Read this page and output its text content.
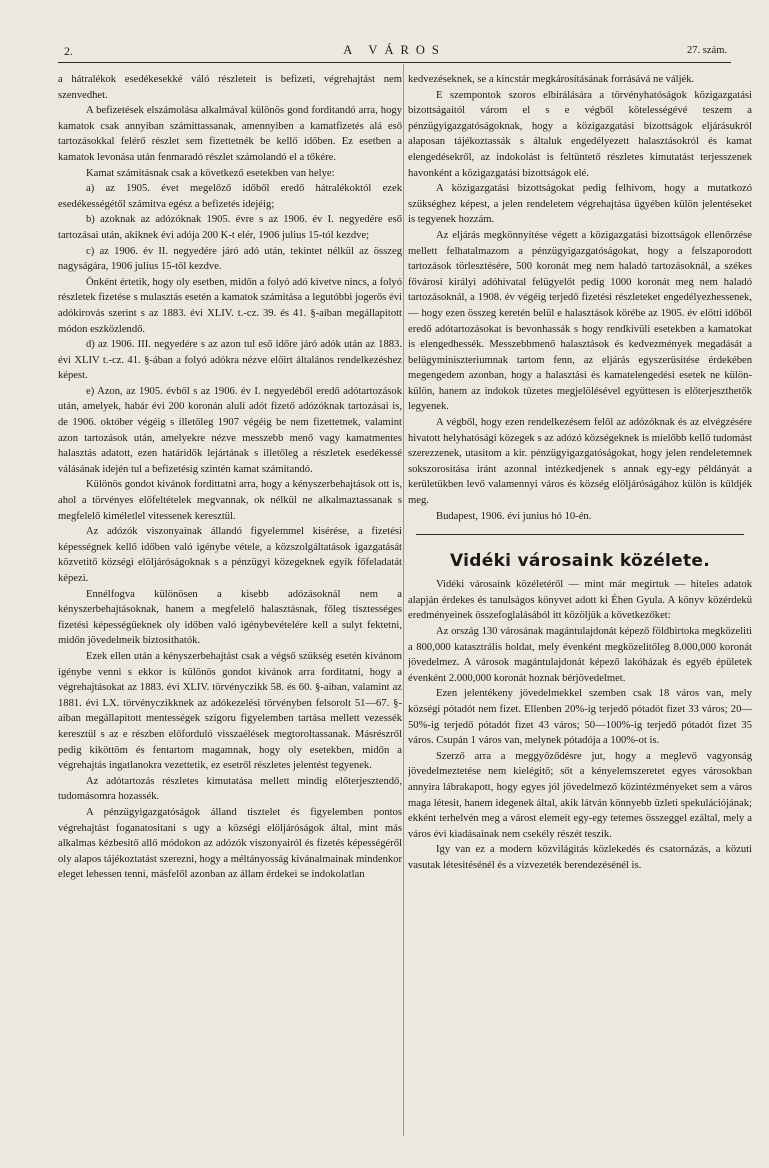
2.	A VÁROS	27. szám.

a hátralékok esedékesekké váló részleteit is befizeti, végrehajtást nem szenvedhet.

A befizetések elszámolása alkalmával különös gond forditandó arra, hogy kamatok csak annyiban számittassanak, amennyiben a kamatfizetés alá eső tartozásokkal felérő részlet sem fizettetnék be kellő időben. Ez esetben a kamatok levonása után fenmaradó részlet számolandó el a tőkére.

Kamat számitásnak csak a következő esetekben van helye:

a) az 1905. évet megelőző időből eredő hátralékoktól ezek esedékességétől számitva egész a befizetés idejéig;

b) azoknak az adózóknak 1905. évre s az 1906. év I. negyedére eső tartozásai után, akiknek évi adója 200 K-t elér, 1906 julius 15-tól kezdve;

c) az 1906. év II. negyedére járó adó után, tekintet nélkül az összeg nagyságára, 1906 julius 15-től kezdve.

Önként értetik, hogy oly esetben, midőn a folyó adó kivetve nincs, a folyó részletek fizetése s mulasztás esetén a kamatok számitása a legutóbbi jogerős évi adókirovás szerint s az 1883. évi XLIV. t.-cz. 39. és 41. §-aiban megállapitott módon eszközlendő.

d) az 1906. III. negyedére s az azon tul eső időre járó adók után az 1883. évi XLIV t.-cz. 41. §-ában a folyó adókra nézve előirt általános rendelkezéshez képest.

e) Azon, az 1905. évből s az 1906. év I. negyedéből eredő adótartozások után, amelyek, habár évi 200 koronán aluli adót fizető adózóknak tartozásai is, de 1906. október végéig s illetőleg 1907 végéig be nem fizettetnek, valamint azon tartozások után, amelyekre nézve messzebb menő vagy kamatmentes halasztás adatott, ezen határidők lejártának s illetőleg a részletek esedékessé válásának idején tul a befizetésig szintén kamat számitandó.

Különös gondot kivánok fordittatni arra, hogy a kényszerbehajtások ott is, ahol a törvényes előfeltételek megvannak, ok nélkül ne alkalmaztassanak s megfelelő kiméletlel vitessenek keresztül.

Az adózók viszonyainak állandó figyelemmel kisérése, a fizetési képességnek kellő időben való igénybe vétele, a közszolgáltatások igazgatását közvetitő községi elöljáróságoknak s a pénzügyi közegeknek egyik főfeladatát képezi.

Ennélfogva különösen a kisebb adózásoknál nem a kényszerbehajtásoknak, hanem a megfelelő halasztásnak, főleg tisztességes fizetési képességűeknek oly időben való igénybevételére kell a sulyt fektetni, midőn jövedelmeik biztosithatók.

Ezek ellen után a kényszerbehajtást csak a végső szükség esetén kivánom igénybe venni s ekkor is különös gondot kivánok arra forditatni, hogy a végrehajtásokat az 1883. évi XLIV. törvényczikk 58. és 60. §-aiban, valamint az 1881. évi LX. törvényczikknek az adókezelési törvényben felsorolt 51—67. §-aiban megállapitott mentességek szigoru figyelemben tartása mellett vezessék keresztül s az e részben előforduló visszaélések megtoroltassanak. Másrészről pedig kiköttöm és fentartom magamnak, hogy oly esetekben, midőn a végrehajtás ingatlanokra vezettetik, ez esetről részletes jelentést tegyenek.

Az adótartozás részletes kimutatása mellett mindig előterjesztendő, tudomásomra hozassék.

A pénzügyigazgatóságok álland tisztelet és figyelemben pontos végrehajtást foganatositani s ugy a községi elöljáróságok által, mint más alkalmas kézbesitő allő módokon az adózók viszonyairól és fizetés képességéről oly alapos tájékoztatást szerezni, hogy a méltányosság kivánalmainak mindenkor eleget lehessen tenni, másfelől azonban az állam érdekei se indokolatlan

kedvezéseknek, se a kincstár megkárosításának forrásává ne váljék.

E szempontok szoros elbirálására a törvényhatóságok közigazgatási bizottságaitól várom el s e végből kötelességévé teszem a pénzügyigazgatóságoknak, hogy a közigazgatási bizottságok eljárásukról alaposan tájékoztassák s általuk engedélyezett halasztásokról és kamat elengedésekről, az indokolást is feltüntető részletes kimutatást terjesszenek havonként a közigazgatási bizottságok elé.

A közigazgatási bizottságokat pedig felhivom, hogy a mutatkozó szükséghez képest, a jelen rendeletem végrehajtása ügyében külön jelentéseket is tegyenek hozzám.

Az eljárás megkönnyitése végett a közigazgatási bizottságok ellenőrzése mellett felhatalmazom a pénzügyigazgatóságokat, hogy a felszaporodott tartozások törlesztésére, 500 koronát meg nem haladó tartozásoknál, a székes fővárosi királyi adóhivatal felügyelőt pedig 1000 koronát meg nem haladó tartozásoknál, a 1908. év végéig terjedő fizetési részleteket engedélyezhessenek, — hogy ezen összeg keretén belül e halasztások körébe az 1905. év előtti időből eredő adótartozásokat is bevonhassák s hogy rendkivüli esetekben a kamatokat is elengedhessék. Messzebbmenő halasztások és kedvezmények megadását a belügyminiszteriumnak tartom fenn, az eljárás egyszerüsitése érdekében megengedem azonban, hogy a halasztási és kamatelengedési esetek ne külön-külön, hanem az indokok tüzetes megjelölésével együttesen is előterjeszthetők legyenek.

A végből, hogy ezen rendelkezésem felől az adózóknak és az elvégzésére hivatott helyhatósági közegek s az adózó községeknek is mielőbb kellő tudomást szerezzenek, utasitom a kir. pénzügyigazgatóságokat, hogy jelen rendeletemnek sokszorositása iránt azonnal intézkedjenek s annak egy-egy példányát a kerületükben levő valamennyi város és község elöljáróságához külön is küldjék meg.

Budapest, 1906. évi junius hó 10-én.

Vidéki városaink közélete.

Vidéki városaink közéletéről — mint már megirtuk — hiteles adatok alapján érdekes és tanulságos könyvet adott ki Éhen Gyula. A könyv közérdekü eredményeinek összefoglalásából itt közöljük a következőket:

Az ország 130 városának magántulajdonát képező földbirtoka megközeliti a 800,000 katasztrális holdat, mely évenként megközelitőleg 8.000,000 koronát jövedelmez. A városok magántulajdonát képező lakóházak és egyéb épületek évenként 2.000,000 koronát hoznak bérjövedelmet.

Ezen jelentékeny jövedelmekkel szemben csak 18 város van, mely községi pótadót nem fizet. Ellenben 20%-ig terjedő pótadót fizet 33 város; 20—50%-ig terjedő pótadót fizet 43 város; 50—100%-ig terjedő pótadót fizet 35 város. Csupán 1 város van, melynek pótadója a 100%-ot is.

Szerző arra a meggyőződésre jut, hogy a meglevő vagyonság jövedelmeztetése nem kielégitő; sőt a kényelemszeretet egyes városokban annyira lábrakapott, hogy egyes jól jövedelmező közintézményeket sem a város maga létesit, hanem idegenek által, akik látván könnyebb üzleti spekulációjának; ekként terhelvén meg a várost elemeit egy-egy tetemes összeggel ezáltal, mely a város évi kiadásainak nem csekély részét teszik.

Igy van ez a modern közvilágitás közlekedés és csatornázás, a közuti vasutak létesitésénél és a vizvezeték berendezésénél is.
